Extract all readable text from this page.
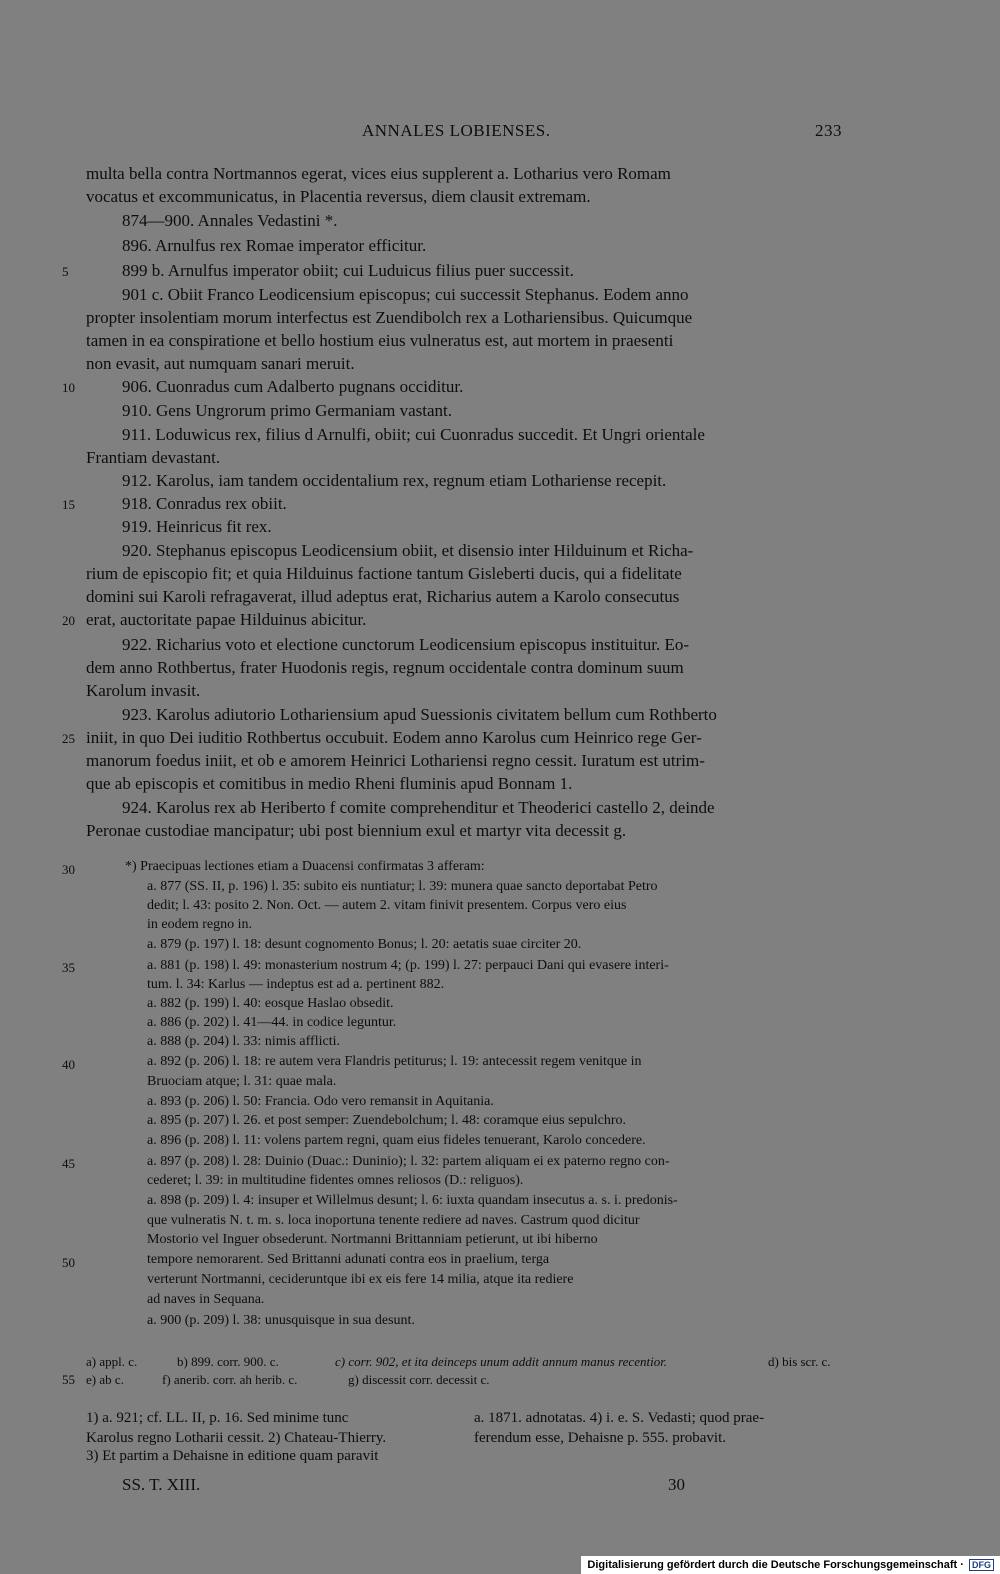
ANNALES LOBIENSES.	233
multa bella contra Nortmannos egerat, vices eius supplerent a. Lotharius vero Romam
vocatus et excommunicatus, in Placentia reversus, diem clausit extremam.
874—900. Annales Vedastini *.
896. Arnulfus rex Romae imperator efficitur.
899 b. Arnulfus imperator obiit; cui Luduicus filius puer successit.
901 c. Obiit Franco Leodicensium episcopus; cui successit Stephanus. Eodem anno
propter insolentiam morum interfectus est Zuendibolch rex a Lothariensibus. Quicumque
tamen in ea conspiratione et bello hostium eius vulneratus est, aut mortem in praesenti
non evasit, aut numquam sanari meruit.
906. Cuonradus cum Adalberto pugnans occiditur.
910. Gens Ungrorum primo Germaniam vastant.
911. Loduwicus rex, filius d Arnulfi, obiit; cui Cuonradus succedit. Et Ungri orientale
Frantiam devastant.
912. Karolus, iam tandem occidentalium rex, regnum etiam Lothariense recepit.
918. Conradus rex obiit.
919. Heinricus fit rex.
920. Stephanus episcopus Leodicensium obiit, et disensio inter Hilduinum et Richa-
rium de episcopio fit; et quia Hilduinus factione tantum Gisleberti ducis, qui a fidelitate
domini sui Karoli refragaverat, illud adeptus erat, Richarius autem a Karolo consecutus
erat, auctoritate papae Hilduinus abicitur.
922. Richarius voto et electione cunctorum Leodicensium episcopus instituitur. Eo-
dem anno Rothbertus, frater Huodonis regis, regnum occidentale contra dominum suum
Karolum invasit.
923. Karolus adiutorio Lothariensium apud Suessionis civitatem bellum cum Rothberto
iniit, in quo Dei iuditio Rothbertus occubuit. Eodem anno Karolus cum Heinrico rege Ger-
manorum foedus iniit, et ob e amorem Heinrici Lothariensi regno cessit. Iuratum est utrim-
que ab episcopis et comitibus in medio Rheni fluminis apud Bonnam 1.
924. Karolus rex ab Heriberto f comite comprehenditur et Theoderici castello 2, deinde
Peronae custodiae mancipatur; ubi post biennium exul et martyr vita decessit g.
5
10
15
20
25
*) Praecipuas lectiones etiam a Duacensi confirmatas 3 afferam:
a. 877 (SS. II, p. 196) l. 35: subito eis nuntiatur; l. 39: munera quae sancto deportabat Petro
dedit; l. 43: posito 2. Non. Oct. — autem 2. vitam finivit presentem. Corpus vero eius
in eodem regno in.
a. 879 (p. 197) l. 18: desunt cognomento Bonus; l. 20: aetatis suae circiter 20.
a. 881 (p. 198) l. 49: monasterium nostrum 4; (p. 199) l. 27: perpauci Dani qui evasere interi-
tum. l. 34: Karlus — indeptus est ad a. pertinent 882.
a. 882 (p. 199) l. 40: eosque Haslao obsedit.
a. 886 (p. 202) l. 41—44. in codice leguntur.
a. 888 (p. 204) l. 33: nimis afflicti.
a. 892 (p. 206) l. 18: re autem vera Flandris petiturus; l. 19: antecessit regem venitque in
Bruociam atque; l. 31: quae mala.
a. 893 (p. 206) l. 50: Francia. Odo vero remansit in Aquitania.
a. 895 (p. 207) l. 26. et post semper: Zuendebolchum; l. 48: coramque eius sepulchro.
a. 896 (p. 208) l. 11: volens partem regni, quam eius fideles tenuerant, Karolo concedere.
a. 897 (p. 208) l. 28: Duinio (Duac.: Duninio); l. 32: partem aliquam ei ex paterno regno con-
cederet; l. 39: in multitudine fidentes omnes reliosos (D.: religuos).
a. 898 (p. 209) l. 4: insuper et Willelmus desunt; l. 6: iuxta quandam insecutus a. s. i. predonis-
que vulneratis N. t. m. s. loca inoportuna tenente rediere ad naves. Castrum quod dicitur
Mostorio vel Inguer obsederunt. Nortmanni Brittanniam petierunt, ut ibi hiberno
tempore nemorarent. Sed Brittanni adunati contra eos in praelium, terga
verterunt Nortmanni, cecideruntque ibi ex eis fere 14 milia, atque ita rediere
ad naves in Sequana.
a. 900 (p. 209) l. 38: unusquisque in sua desunt.
30
35
40
45
50
a) appl. c.	b) 899. corr. 900. c.	c) corr. 902, et ita deinceps unum addit annum manus recentior.	d) bis scr. c.
55 e) ab c.	f) anerib. corr. ah herib. c.	g) discessit corr. decessit c.
1) a. 921; cf. LL. II, p. 16. Sed minime tunc
Karolus regno Lotharii cessit. 2) Chateau-Thierry.
3) Et partim a Dehaisne in editione quam paravit
a. 1871. adnotatas. 4) i. e. S. Vedasti; quod prae-
ferendum esse, Dehaisne p. 555. probavit.
SS. T. XIII.	30
Digitalisierung gefördert durch die Deutsche Forschungsgemeinschaft · DFG
